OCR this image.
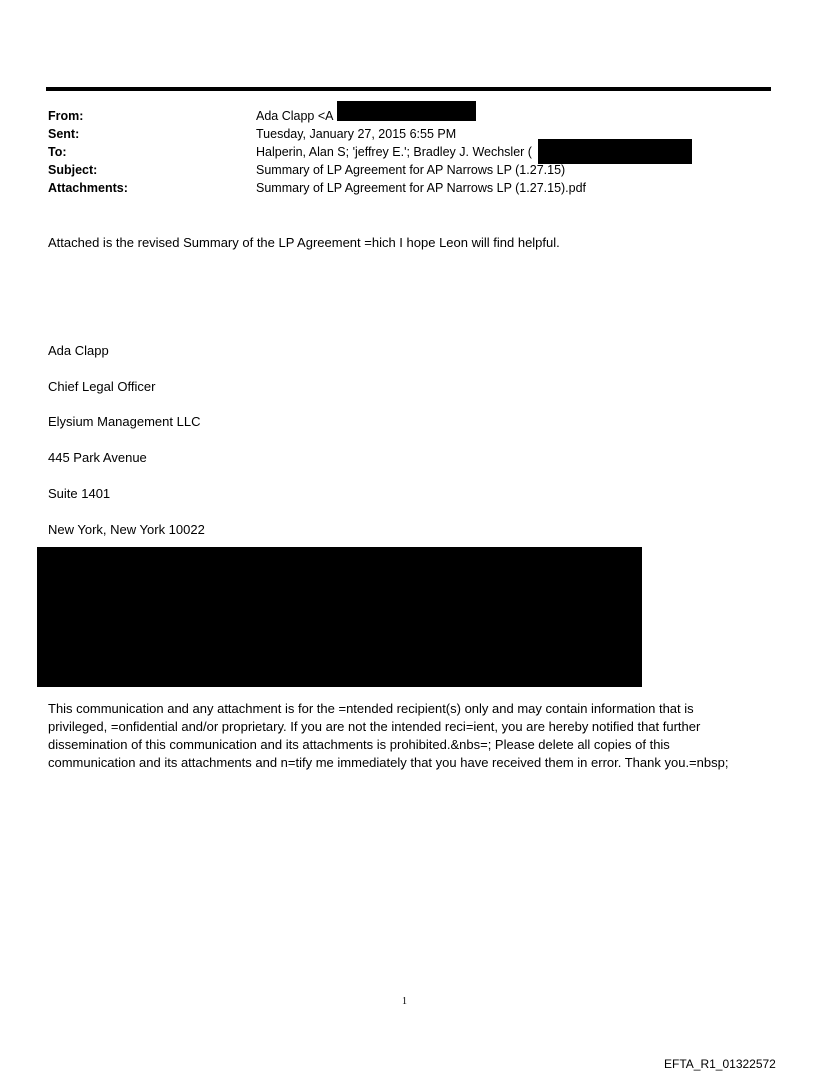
From:	Ada Clapp <A
Sent:	Tuesday, January 27, 2015 6:55 PM
To:	Halperin, Alan S; 'jeffrey E.'; Bradley J. Wechsler (
Subject:	Summary of LP Agreement for AP Narrows LP (1.27.15)
Attachments:	Summary of LP Agreement for AP Narrows LP (1.27.15).pdf
Attached is the revised Summary of the LP Agreement =hich I hope Leon will find helpful.
Ada Clapp
Chief Legal Officer
Elysium Management LLC
445 Park Avenue
Suite 1401
New York, New York 10022
This communication and any attachment is for the =ntended recipient(s) only and may contain information that is
privileged, =onfidential and/or proprietary. If you are not the intended reci=ient, you are hereby notified that further
dissemination of this communication and its attachments is prohibited.&nbs=; Please delete all copies of this
communication and its attachments and n=tify me immediately that you have received them in error. Thank you.=nbsp;
1
EFTA_R1_01322572
